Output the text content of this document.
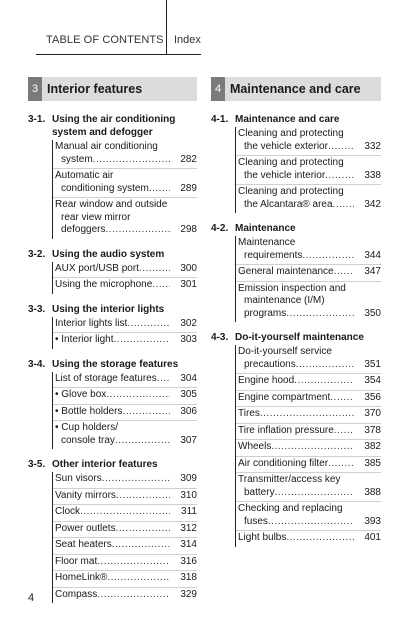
TABLE OF CONTENTS Index
3 Interior features
3-1. Using the air conditioning system and defogger
Manual air conditioning
system .....	282
Automatic air
conditioning system .....	289
Rear window and outside
rear view mirror
defoggers .....	298
3-2. Using the audio system
AUX port/USB port .....	300
Using the microphone .....	301
3-3. Using the interior lights
Interior lights list .....	302
• Interior light .....	303
3-4. Using the storage features
List of storage features .....	304
• Glove box .....	305
• Bottle holders .....	306
• Cup holders/
console tray .....	307
3-5. Other interior features
Sun visors .....	309
Vanity mirrors .....	310
Clock .....	311
Power outlets .....	312
Seat heaters .....	314
Floor mat .....	316
HomeLink® .....	318
Compass .....	329
4 Maintenance and care
4-1. Maintenance and care
Cleaning and protecting
the vehicle exterior .....	332
Cleaning and protecting
the vehicle interior .....	338
Cleaning and protecting
the Alcantara® area .....	342
4-2. Maintenance
Maintenance
requirements .....	344
General maintenance .....	347
Emission inspection and
maintenance (I/M)
programs .....	350
4-3. Do-it-yourself maintenance
Do-it-yourself service
precautions .....	351
Engine hood .....	354
Engine compartment .....	356
Tires .....	370
Tire inflation pressure .....	378
Wheels .....	382
Air conditioning filter .....	385
Transmitter/access key
battery .....	388
Checking and replacing
fuses .....	393
Light bulbs .....	401
4
